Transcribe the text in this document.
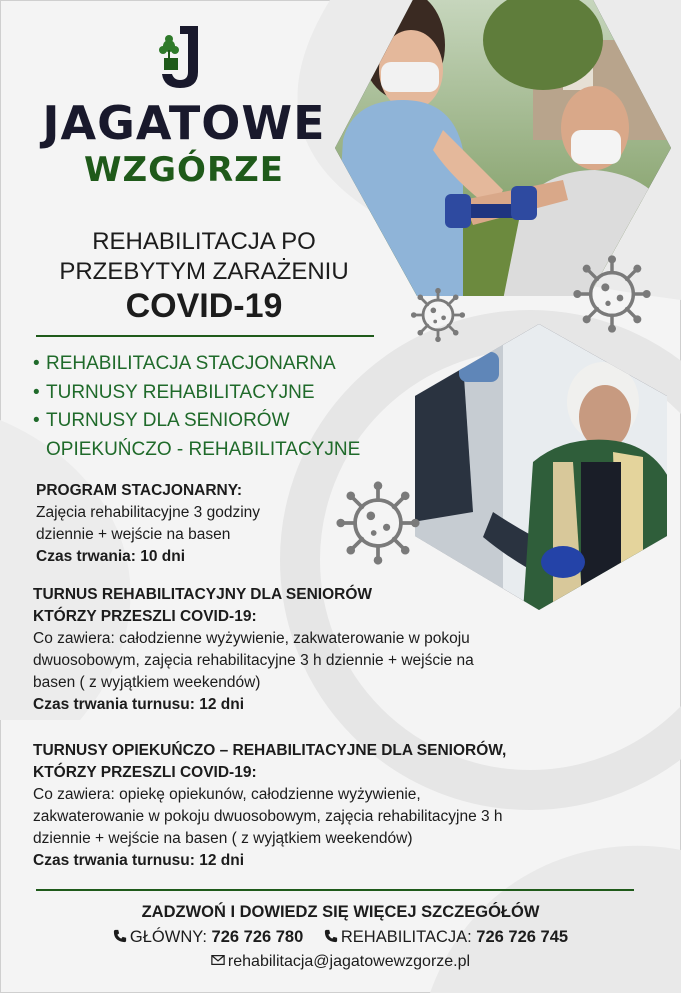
JAGATOWE
WZGÓRZE
REHABILITACJA PO
PRZEBYTYM ZARAŻENIU
COVID-19
• REHABILITACJA STACJONARNA
• TURNUSY REHABILITACYJNE
• TURNUSY DLA SENIORÓW
OPIEKUŃCZO - REHABILITACYJNE
PROGRAM STACJONARNY:
Zajęcia rehabilitacyjne 3 godziny
dziennie + wejście na basen
Czas trwania: 10 dni
TURNUS REHABILITACYJNY DLA SENIORÓW
KTÓRZY PRZESZLI COVID-19:
Co zawiera: całodzienne wyżywienie, zakwaterowanie w pokoju
dwuosobowym, zajęcia rehabilitacyjne 3 h dziennie + wejście na
basen ( z wyjątkiem weekendów)
Czas trwania turnusu: 12 dni
TURNUSY OPIEKUŃCZO – REHABILITACYJNE DLA SENIORÓW,
KTÓRZY PRZESZLI COVID-19:
Co zawiera: opiekę opiekunów, całodzienne wyżywienie,
zakwaterowanie w pokoju dwuosobowym, zajęcia rehabilitacyjne 3 h
dziennie + wejście na basen ( z wyjątkiem weekendów)
Czas trwania turnusu: 12 dni
ZADZWOŃ I DOWIEDZ SIĘ WIĘCEJ SZCZEGÓŁÓW
GŁÓWNY: 726 726 780 REHABILITACJA: 726 726 745
rehabilitacja@jagatowewzgorze.pl
